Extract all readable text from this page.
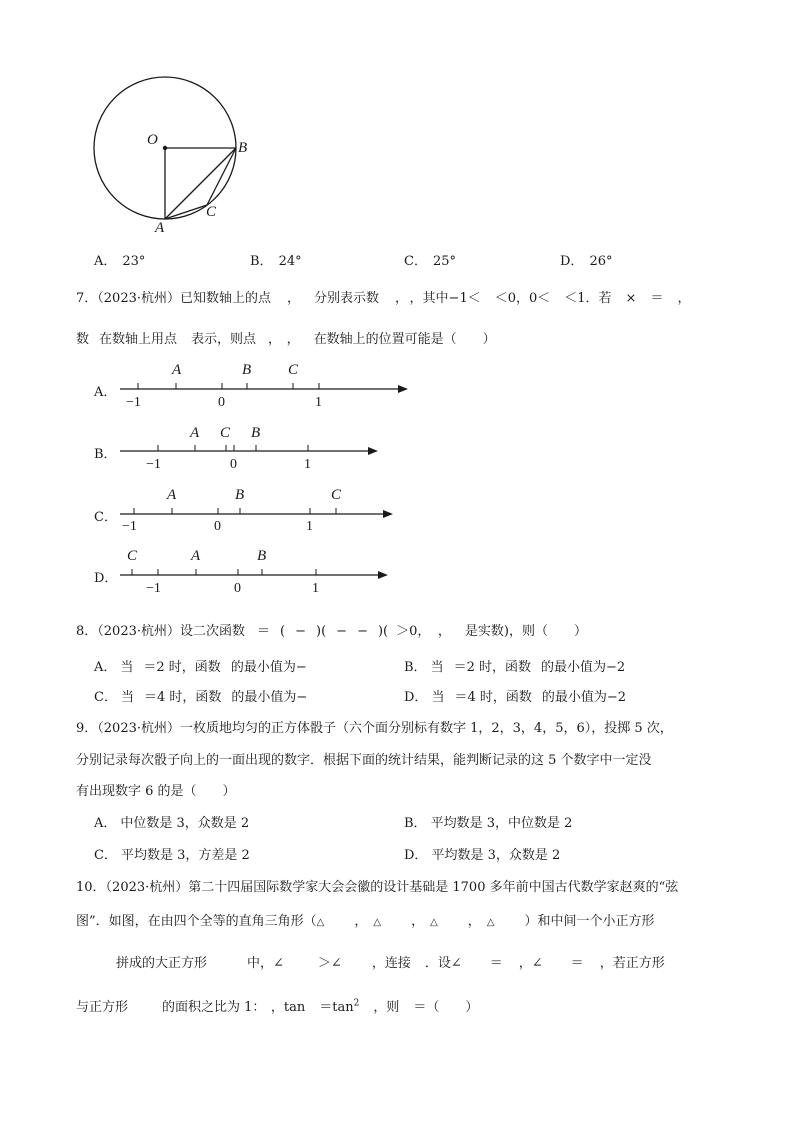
O	B
C
A
A． 23°	B． 24°	C． 25°	D． 26°
7．（2023·杭州）已知数轴上的点 ， 分别表示数 ， ，其中−1＜ ＜0，0＜ ＜1．若 × ＝ ，
数 在数轴上用点 表示，则点 ， ， 在数轴上的位置可能是（　　）
A．
B．
C．
D．
A	B C
−1	0	1
A C B
−1	0	1
A	B	C
−1	0	1
C	A	B
−1	0	1
8．（2023·杭州）设二次函数 ＝ ( − )( − − )( ＞0， ， 是实数)，则（　　）
A． 当 ＝2 时，函数 的最小值为−	B． 当 ＝2 时，函数 的最小值为−2
C． 当 ＝4 时，函数 的最小值为−	D． 当 ＝4 时，函数 的最小值为−2
9．（2023·杭州）一枚质地均匀的正方体骰子（六个面分别标有数字 1，2，3，4，5，6），投掷 5 次，
分别记录每次骰子向上的一面出现的数字．根据下面的统计结果，能判断记录的这 5 个数字中一定没
有出现数字 6 的是（　　）
A． 中位数是 3，众数是 2	B． 平均数是 3，中位数是 2
C． 平均数是 3，方差是 2	D． 平均数是 3，众数是 2
10．（2023·杭州）第二十四届国际数学家大会会徽的设计基础是 1700 多年前中国古代数学家赵爽的“弦
图”．如图，在由四个全等的直角三角形（△ ， △ ， △ ， △ ）和中间一个小正方形
拼成的大正方形	中，∠	＞∠ ，连接 ．设∠ ＝ ，∠ ＝ ，若正方形
与正方形	的面积之比为 1： ，$\tan =\tan^2$ ，则 ＝（　　）
